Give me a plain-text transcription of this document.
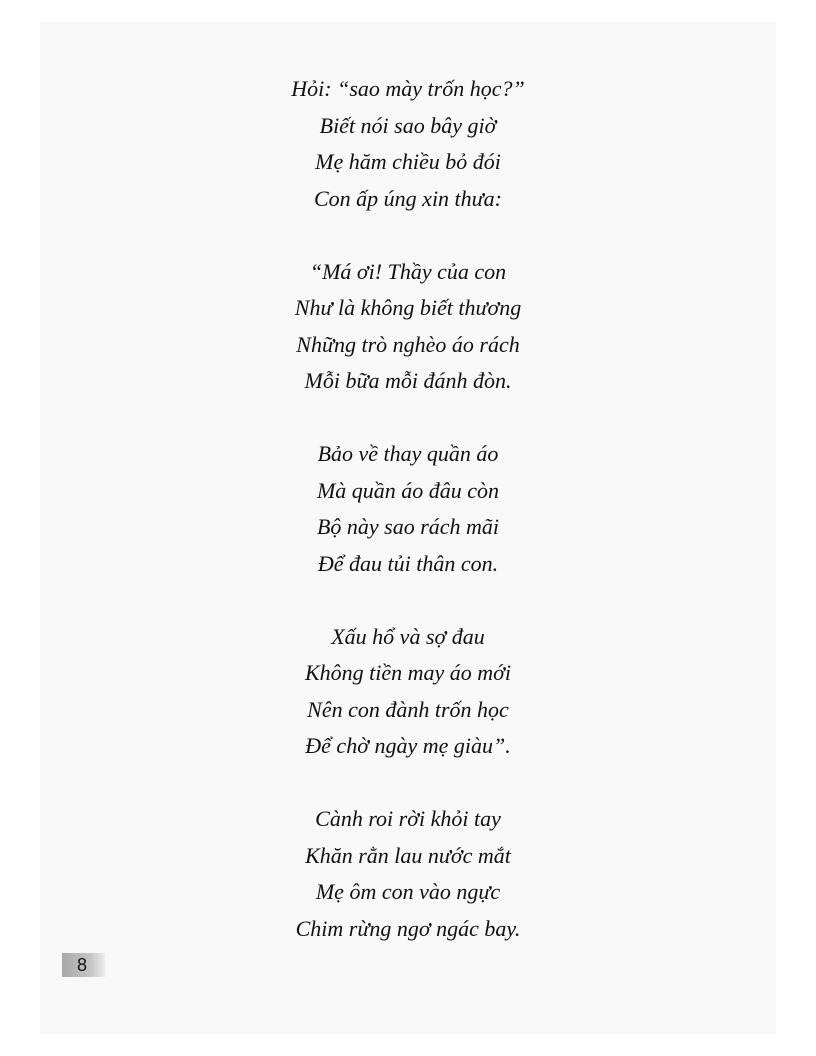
Hỏi: “sao mày trốn học?”
Biết nói sao bây giờ
Mẹ hăm chiều bỏ đói
Con ấp úng xin thưa:
“Má ơi! Thầy của con
Như là không biết thương
Những trò nghèo áo rách
Mỗi bữa mỗi đánh đòn.
Bảo về thay quần áo
Mà quần áo đâu còn
Bộ này sao rách mãi
Để đau tủi thân con.
Xấu hổ và sợ đau
Không tiền may áo mới
Nên con đành trốn học
Để chờ ngày mẹ giàu”.
Cành roi rời khỏi tay
Khăn rằn lau nước mắt
Mẹ ôm con vào ngực
Chim rừng ngơ ngác bay.
8
